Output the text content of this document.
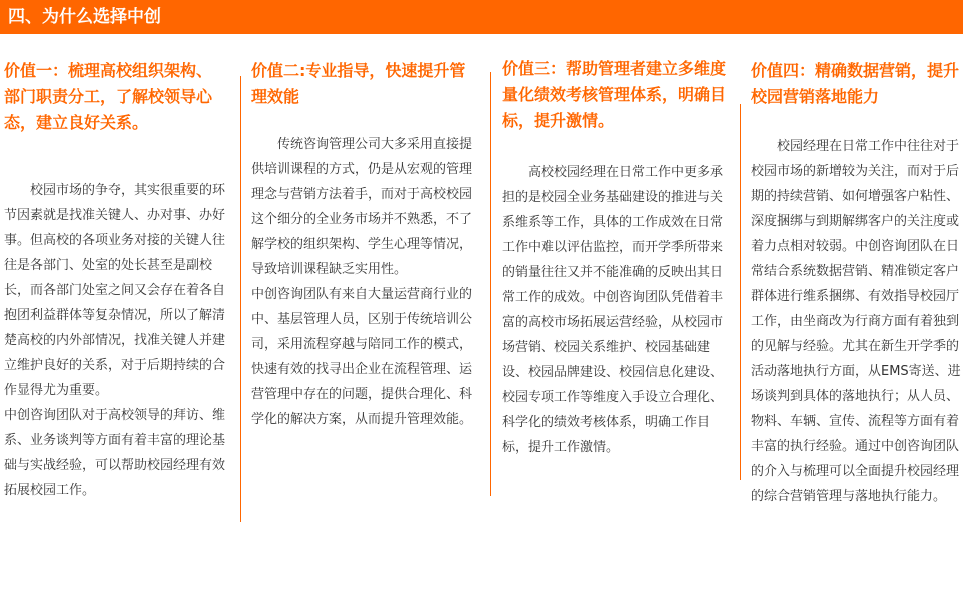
四、为什么选择中创
价值一：梳理高校组织架构、部门职责分工，了解校领导心态，建立良好关系。

校园市场的争夺，其实很重要的环节因素就是找准关键人、办对事、办好事。但高校的各项业务对接的关键人往往是各部门、处室的处长甚至是副校长，而各部门处室之间又会存在着各自抱团利益群体等复杂情况，所以了解清楚高校的内外部情况，找准关键人并建立维护良好的关系，对于后期持续的合作显得尤为重要。

中创咨询团队对于高校领导的拜访、维系、业务谈判等方面有着丰富的理论基础与实战经验，可以帮助校园经理有效拓展校园工作。

价值二:专业指导，快速提升管理效能

传统咨询管理公司大多采用直接提供培训课程的方式，仍是从宏观的管理理念与营销方法着手，而对于高校校园这个细分的全业务市场并不熟悉，不了解学校的组织架构、学生心理等情况，导致培训课程缺乏实用性。

中创咨询团队有来自大量运营商行业的中、基层管理人员，区别于传统培训公司，采用流程穿越与陪同工作的模式，快速有效的找寻出企业在流程管理、运营管理中存在的问题，提供合理化、科学化的解决方案，从而提升管理效能。

价值三：帮助管理者建立多维度量化绩效考核管理体系，明确目标，提升激情。

高校校园经理在日常工作中更多承担的是校园全业务基础建设的推进与关系维系等工作，具体的工作成效在日常工作中难以评估监控，而开学季所带来的销量往往又并不能准确的反映出其日常工作的成效。中创咨询团队凭借着丰富的高校市场拓展运营经验，从校园市场营销、校园关系维护、校园基础建设、校园品牌建设、校园信息化建设、校园专项工作等维度入手设立合理化、科学化的绩效考核体系，明确工作目标，提升工作激情。

价值四：精确数据营销，提升校园营销落地能力

校园经理在日常工作中往往对于校园市场的新增较为关注，而对于后期的持续营销、如何增强客户粘性、深度捆绑与到期解绑客户的关注度或着力点相对较弱。中创咨询团队在日常结合系统数据营销、精准锁定客户群体进行维系捆绑、有效指导校园厅工作，由坐商改为行商方面有着独到的见解与经验。尤其在新生开学季的活动落地执行方面，从EMS寄送、进场谈判到具体的落地执行；从人员、物料、车辆、宣传、流程等方面有着丰富的执行经验。通过中创咨询团队的介入与梳理可以全面提升校园经理的综合营销管理与落地执行能力。
